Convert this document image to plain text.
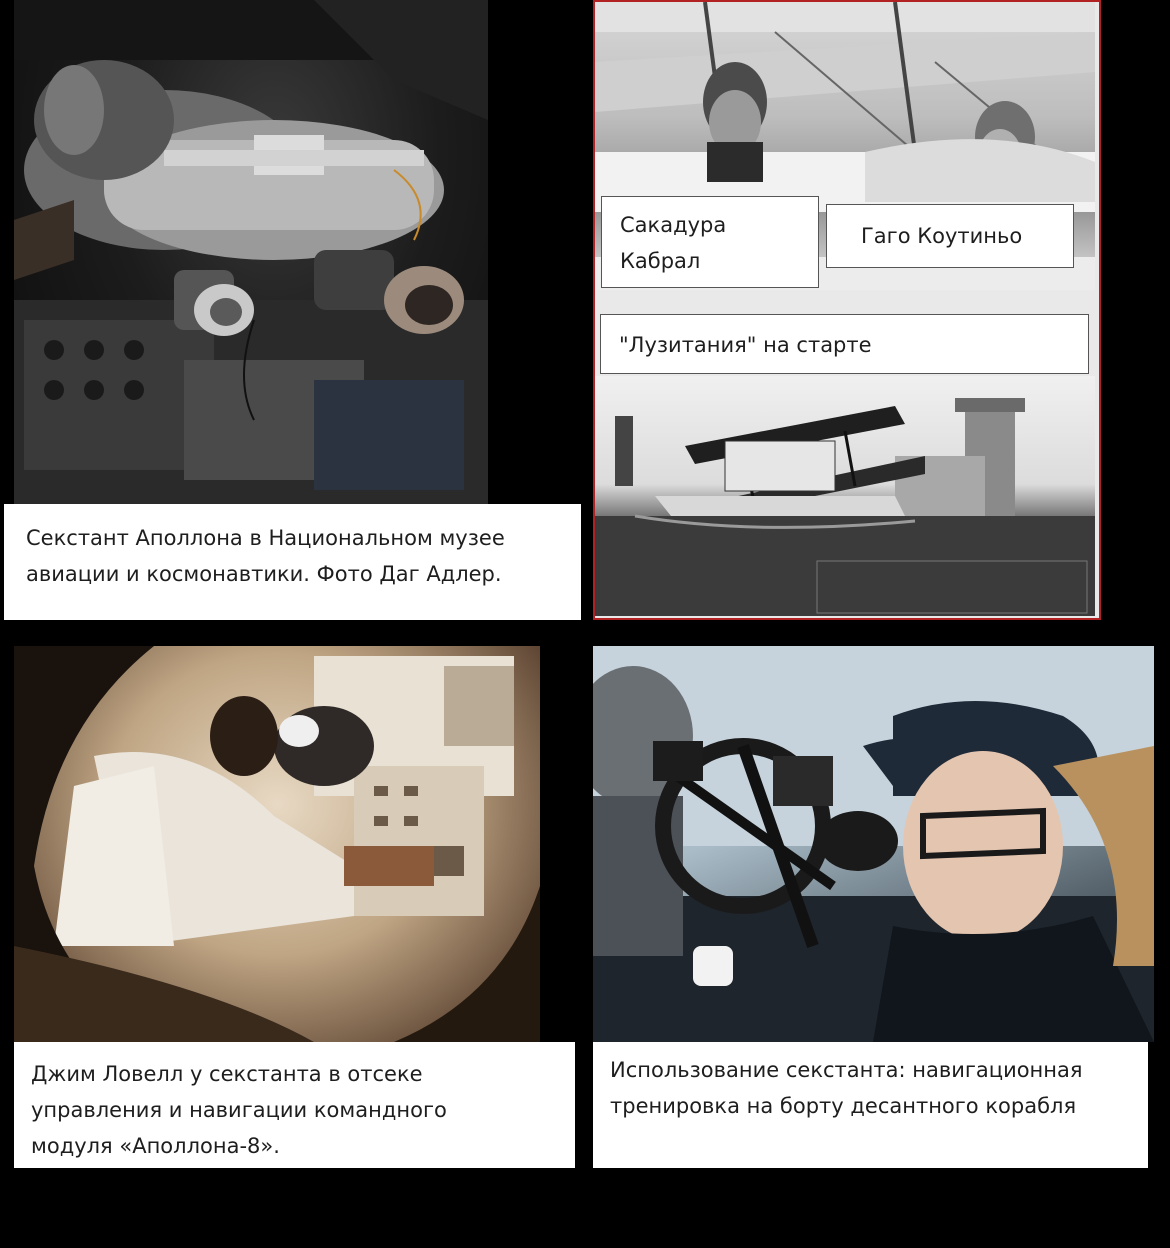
Секстант Аполлона в Национальном музее
авиации и космонавтики. Фото Даг Адлер.
Сакадура
Кабрал
Гаго Коутиньо
"Лузитания" на старте
Джим Ловелл у секстанта в отсеке
управления и навигации командного
модуля «Аполлона-8».
Использование секстанта: навигационная
тренировка на борту десантного корабля
